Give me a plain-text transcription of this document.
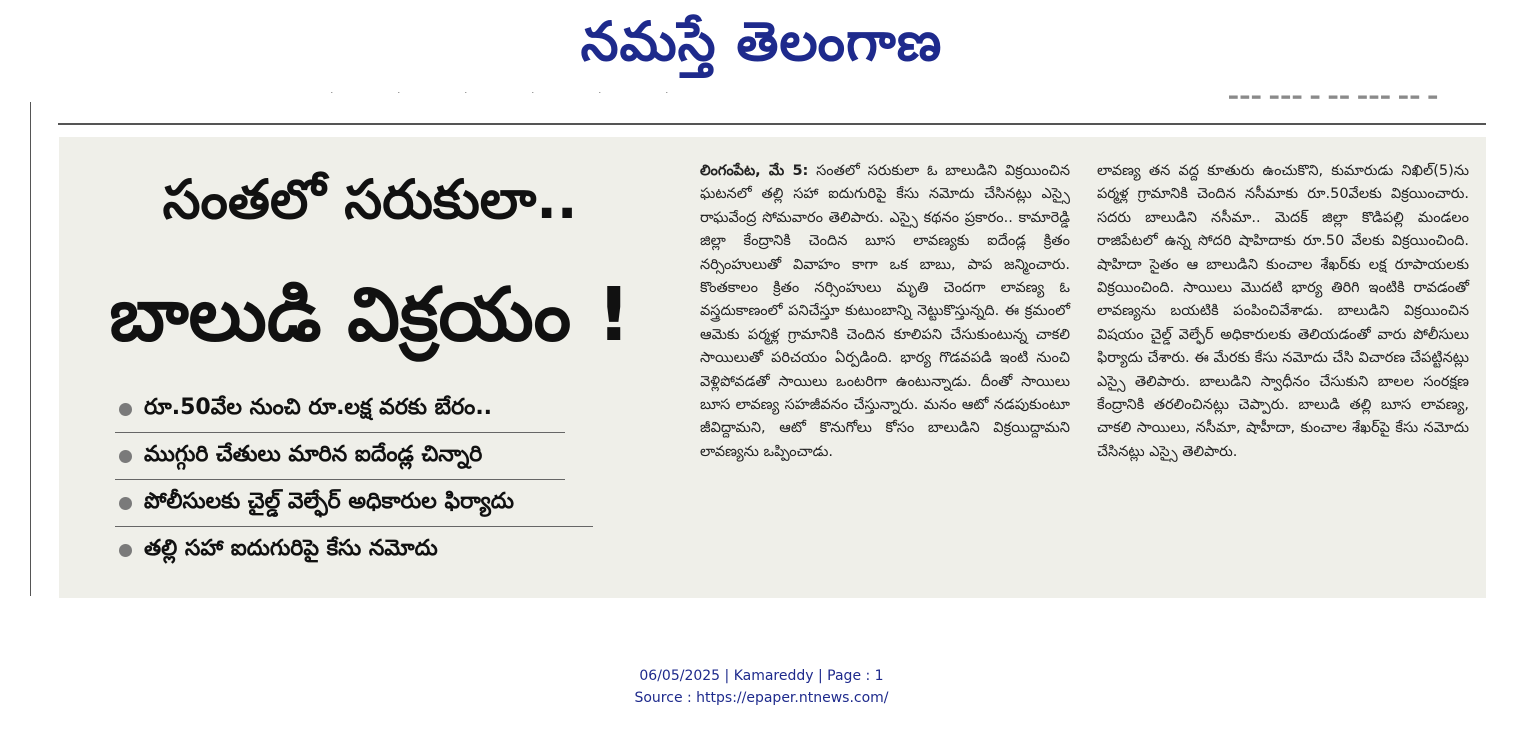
నమస్తే తెలంగాణ
· · · · · ·	▂▂▂ ▂▂▂ ▂ ▂▂ ▂▂▂ ▂▂ ▂
సంతలో సరుకులా..
బాలుడి విక్రయం !
రూ.50వేల నుంచి రూ.లక్ష వరకు బేరం..
ముగ్గురి చేతులు మారిన ఐదేండ్ల చిన్నారి
పోలీసులకు చైల్డ్ వెల్ఫేర్ అధికారుల ఫిర్యాదు
తల్లి సహా ఐదుగురిపై కేసు నమోదు
లింగంపేట, మే 5: సంతలో సరుకులా ఓ బాలుడిని విక్రయించిన ఘటనలో తల్లి సహా ఐదుగురిపై కేసు నమోదు చేసినట్లు ఎస్సై రాఘవేంద్ర సోమవారం తెలిపారు. ఎస్సై కథనం ప్రకారం.. కామారెడ్డి జిల్లా కేంద్రానికి చెందిన బూస లావణ్యకు ఐదేండ్ల క్రితం నర్సింహులుతో వివాహం కాగా ఒక బాబు, పాప జన్మించారు. కొంతకాలం క్రితం నర్సింహులు మృతి చెందగా లావణ్య ఓ వస్త్రదుకాణంలో పనిచేస్తూ కుటుంబాన్ని నెట్టుకొస్తున్నది. ఈ క్రమంలో ఆమెకు పర్మళ్ల గ్రామానికి చెందిన కూలిపని చేసుకుంటున్న చాకలి సాయిలుతో పరిచయం ఏర్పడింది. భార్య గొడవపడి ఇంటి నుంచి వెళ్లిపోవడతో సాయిలు ఒంటరిగా ఉంటున్నాడు. దీంతో సాయిలు బూస లావణ్య సహజీవనం చేస్తున్నారు. మనం ఆటో నడపుకుంటూ జీవిద్దామని, ఆటో కొనుగోలు కోసం బాలుడిని విక్రయిద్దామని లావణ్యను ఒప్పించాడు.
లావణ్య తన వద్ద కూతురు ఉంచుకొని, కుమారుడు నిఖిల్(5)ను పర్మళ్ల గ్రామానికి చెందిన నసీమాకు రూ.50వేలకు విక్రయించారు. సదరు బాలుడిని నసీమా.. మెదక్ జిల్లా కొడిపల్లి మండలం రాజిపేటలో ఉన్న సోదరి షాహిదాకు రూ.50 వేలకు విక్రయించింది. షాహిదా సైతం ఆ బాలుడిని కుంచాల శేఖర్‌కు లక్ష రూపాయలకు విక్రయించింది. సాయిలు మొదటి భార్య తిరిగి ఇంటికి రావడంతో లావణ్యను బయటికి పంపించివేశాడు. బాలుడిని విక్రయించిన విషయం చైల్డ్ వెల్ఫేర్ అధికారులకు తెలియడంతో వారు పోలీసులు ఫిర్యాదు చేశారు. ఈ మేరకు కేసు నమోదు చేసి విచారణ చేపట్టినట్లు ఎస్సై తెలిపారు. బాలుడిని స్వాధీనం చేసుకుని బాలల సంరక్షణ కేంద్రానికి తరలించినట్లు చెప్పారు. బాలుడి తల్లి బూస లావణ్య, చాకలి సాయిలు, నసీమా, షాహీదా, కుంచాల శేఖర్‌పై కేసు నమోదు చేసినట్లు ఎస్సై తెలిపారు.
06/05/2025 | Kamareddy | Page : 1
Source : https://epaper.ntnews.com/
